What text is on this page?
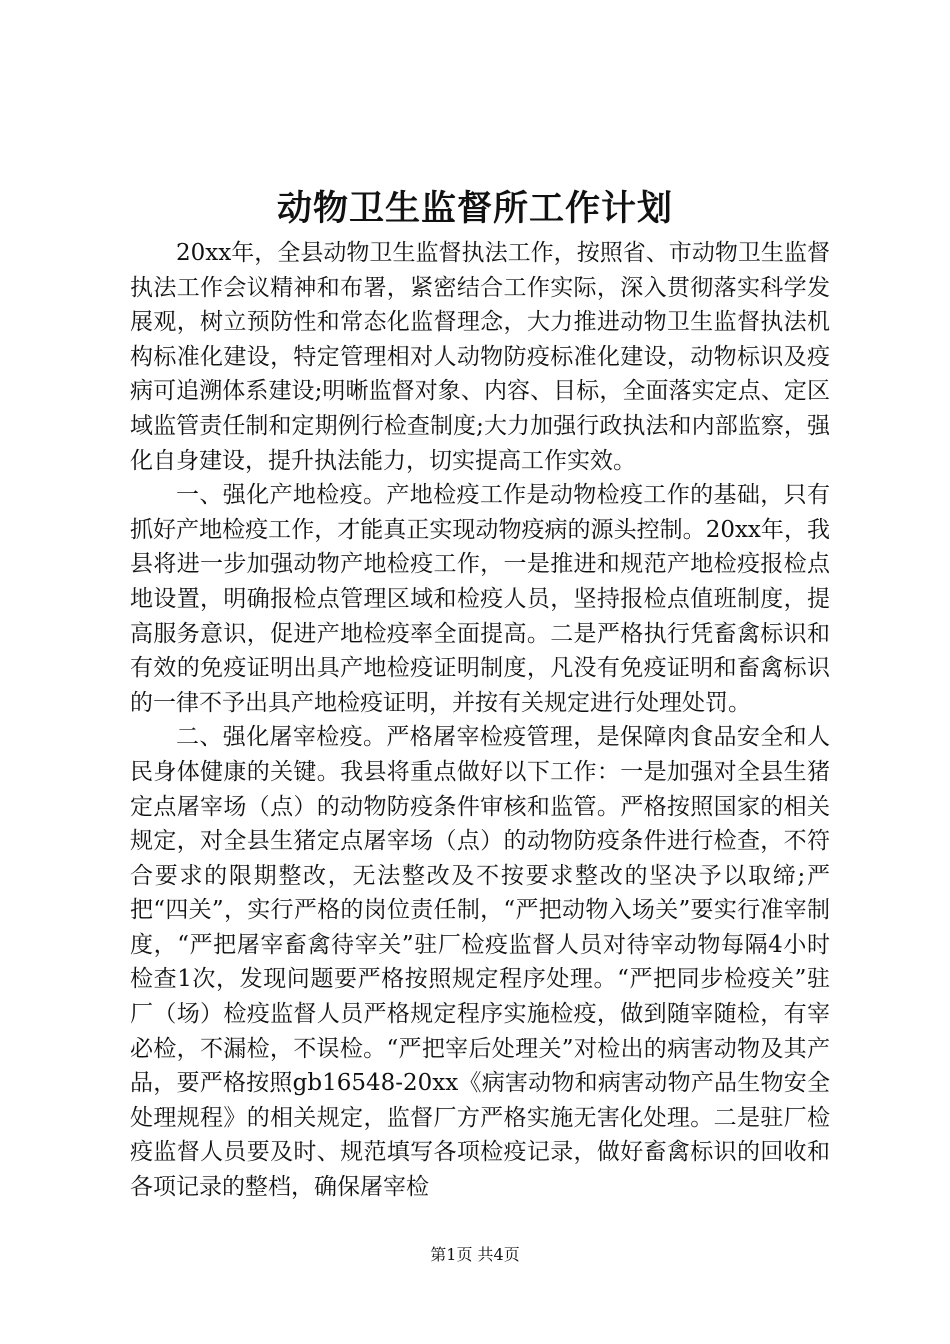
动物卫生监督所工作计划

20xx年，全县动物卫生监督执法工作，按照省、市动物卫生监督执法工作会议精神和布署，紧密结合工作实际，深入贯彻落实科学发展观，树立预防性和常态化监督理念，大力推进动物卫生监督执法机构标准化建设，特定管理相对人动物防疫标准化建设，动物标识及疫病可追溯体系建设;明晰监督对象、内容、目标，全面落实定点、定区域监管责任制和定期例行检查制度;大力加强行政执法和内部监察，强化自身建设，提升执法能力，切实提高工作实效。

一、强化产地检疫。产地检疫工作是动物检疫工作的基础，只有抓好产地检疫工作，才能真正实现动物疫病的源头控制。20xx年，我县将进一步加强动物产地检疫工作，一是推进和规范产地检疫报检点地设置，明确报检点管理区域和检疫人员，坚持报检点值班制度，提高服务意识，促进产地检疫率全面提高。二是严格执行凭畜禽标识和有效的免疫证明出具产地检疫证明制度，凡没有免疫证明和畜禽标识的一律不予出具产地检疫证明，并按有关规定进行处理处罚。

二、强化屠宰检疫。严格屠宰检疫管理，是保障肉食品安全和人民身体健康的关键。我县将重点做好以下工作：一是加强对全县生猪定点屠宰场（点）的动物防疫条件审核和监管。严格按照国家的相关规定，对全县生猪定点屠宰场（点）的动物防疫条件进行检查，不符合要求的限期整改，无法整改及不按要求整改的坚决予以取缔;严把“四关”，实行严格的岗位责任制，“严把动物入场关”要实行准宰制度，“严把屠宰畜禽待宰关”驻厂检疫监督人员对待宰动物每隔4小时检查1次，发现问题要严格按照规定程序处理。“严把同步检疫关”驻厂（场）检疫监督人员严格规定程序实施检疫，做到随宰随检，有宰必检，不漏检，不误检。“严把宰后处理关”对检出的病害动物及其产品，要严格按照gb16548-20xx《病害动物和病害动物产品生物安全处理规程》的相关规定，监督厂方严格实施无害化处理。二是驻厂检疫监督人员要及时、规范填写各项检疫记录，做好畜禽标识的回收和各项记录的整档，确保屠宰检

第1页 共4页
